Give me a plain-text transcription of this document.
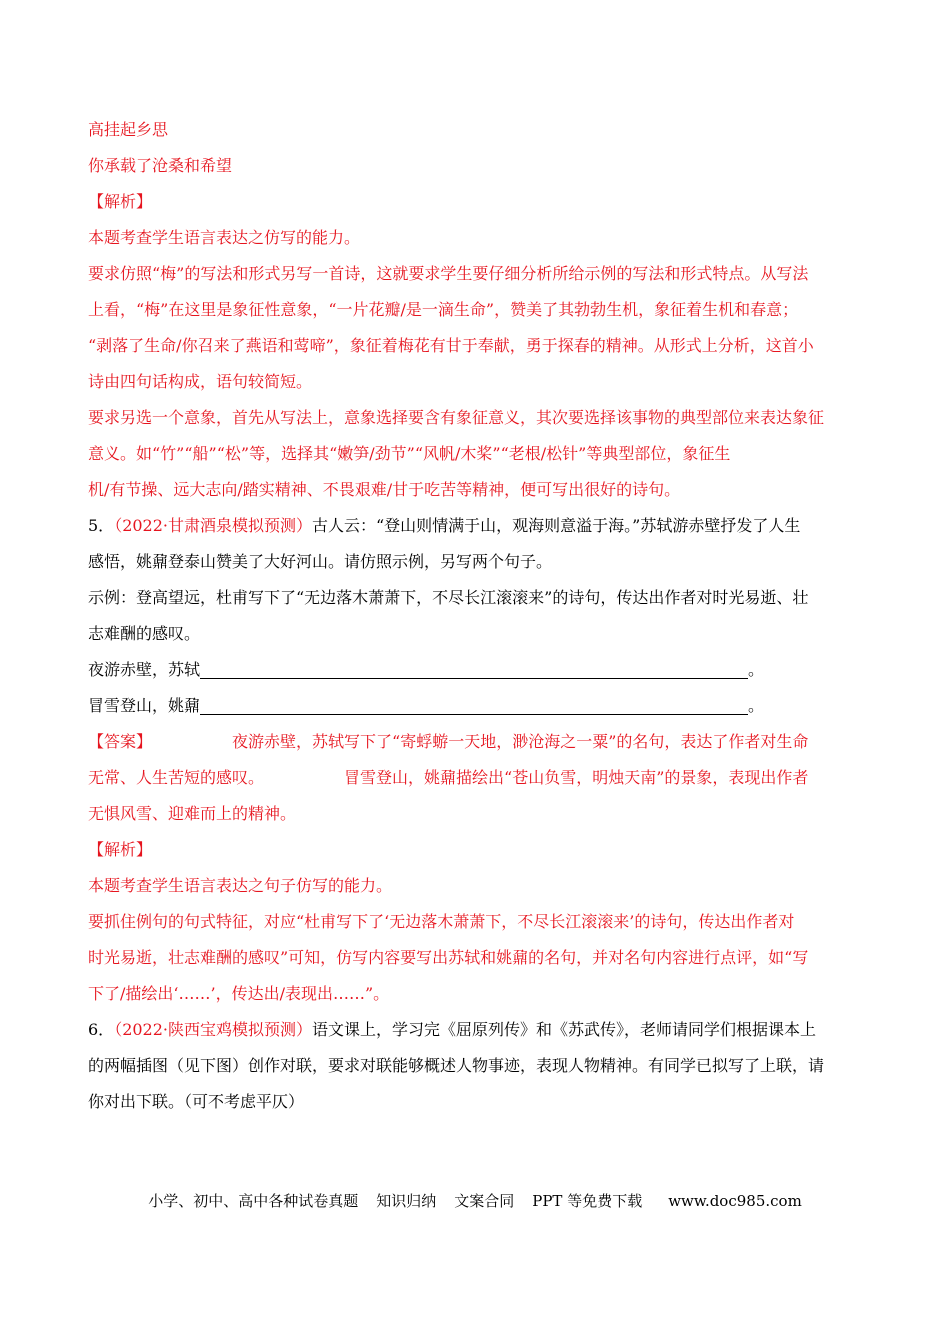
高挂起乡思
你承载了沧桑和希望
【解析】
本题考查学生语言表达之仿写的能力。
要求仿照“梅”的写法和形式另写一首诗，这就要求学生要仔细分析所给示例的写法和形式特点。从写法
上看，“梅”在这里是象征性意象，“一片花瓣/是一滴生命”，赞美了其勃勃生机，象征着生机和春意；
“剥落了生命/你召来了燕语和莺啼”，象征着梅花有甘于奉献，勇于探春的精神。从形式上分析，这首小
诗由四句话构成，语句较简短。
要求另选一个意象，首先从写法上，意象选择要含有象征意义，其次要选择该事物的典型部位来表达象征
意义。如“竹”“船”“松”等，选择其“嫩笋/劲节”“风帆/木桨”“老根/松针”等典型部位，象征生
机/有节操、远大志向/踏实精神、不畏艰难/甘于吃苦等精神，便可写出很好的诗句。
5．（2022·甘肃酒泉模拟预测）古人云：“登山则情满于山，观海则意溢于海。”苏轼游赤壁抒发了人生
感悟，姚鼐登泰山赞美了大好河山。请仿照示例，另写两个句子。
示例：登高望远，杜甫写下了“无边落木萧萧下，不尽长江滚滚来”的诗句，传达出作者对时光易逝、壮
志难酬的感叹。
夜游赤壁，苏轼	。
冒雪登山，姚鼐	。
【答案】	夜游赤壁，苏轼写下了“寄蜉蝣一天地，渺沧海之一粟”的名句，表达了作者对生命
无常、人生苦短的感叹。	冒雪登山，姚鼐描绘出“苍山负雪，明烛天南”的景象，表现出作者
无惧风雪、迎难而上的精神。
【解析】
本题考查学生语言表达之句子仿写的能力。
要抓住例句的句式特征，对应“杜甫写下了‘无边落木萧萧下，不尽长江滚滚来’的诗句，传达出作者对
时光易逝，壮志难酬的感叹”可知，仿写内容要写出苏轼和姚鼐的名句，并对名句内容进行点评，如“写
下了/描绘出‘……’，传达出/表现出……”。
6．（2022·陕西宝鸡模拟预测）语文课上，学习完《屈原列传》和《苏武传》，老师请同学们根据课本上
的两幅插图（见下图）创作对联，要求对联能够概述人物事迹，表现人物精神。有同学已拟写了上联，请
你对出下联。（可不考虑平仄）
小学、初中、高中各种试卷真题 知识归纳 文案合同 PPT 等免费下载 www.doc985.com
